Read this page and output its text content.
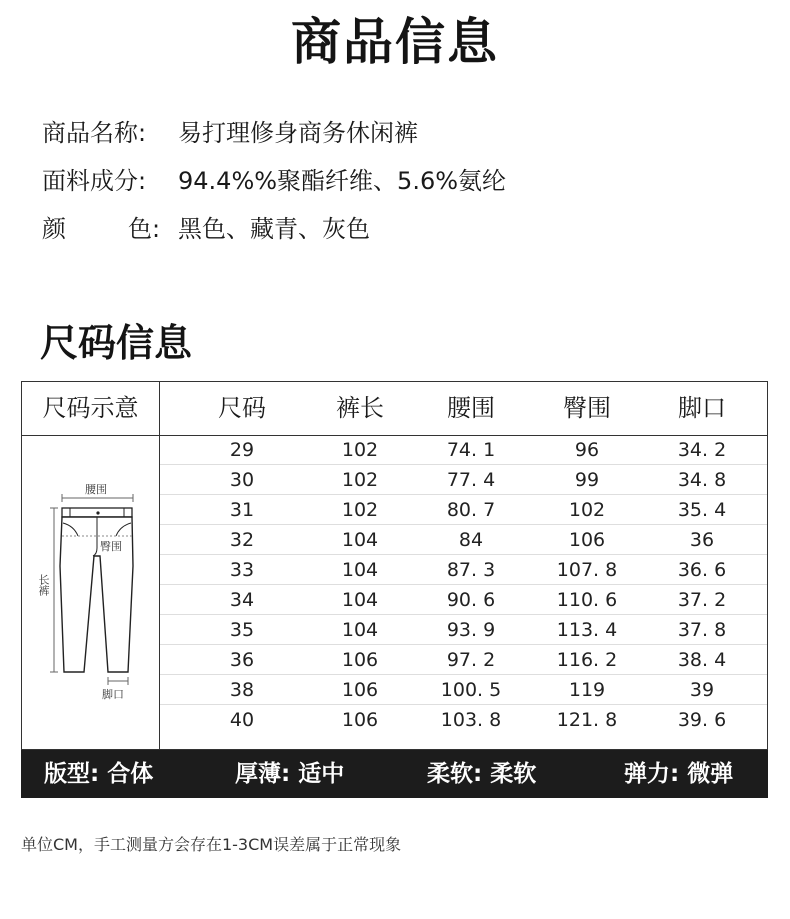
商品信息
商品名称: 易打理修身商务休闲裤
面料成分: 94.4%%聚酯纤维、5.6%氨纶
颜	色: 黑色、藏青、灰色
尺码信息
尺码示意	尺码	裤长	腰围	臀围	脚口
腰围
臀围
长裤
脚口
29	102	74. 1	96	34. 2
30	102	77. 4	99	34. 8
31	102	80. 7	102	35. 4
32	104	84	106	36
33	104	87. 3	107. 8	36. 6
34	104	90. 6	110. 6	37. 2
35	104	93. 9	113. 4	37. 8
36	106	97. 2	116. 2	38. 4
38	106	100. 5	119	39
40	106	103. 8	121. 8	39. 6
版型: 合体	厚薄: 适中	柔软: 柔软	弹力: 微弹
单位CM，手工测量方会存在1-3CM误差属于正常现象
